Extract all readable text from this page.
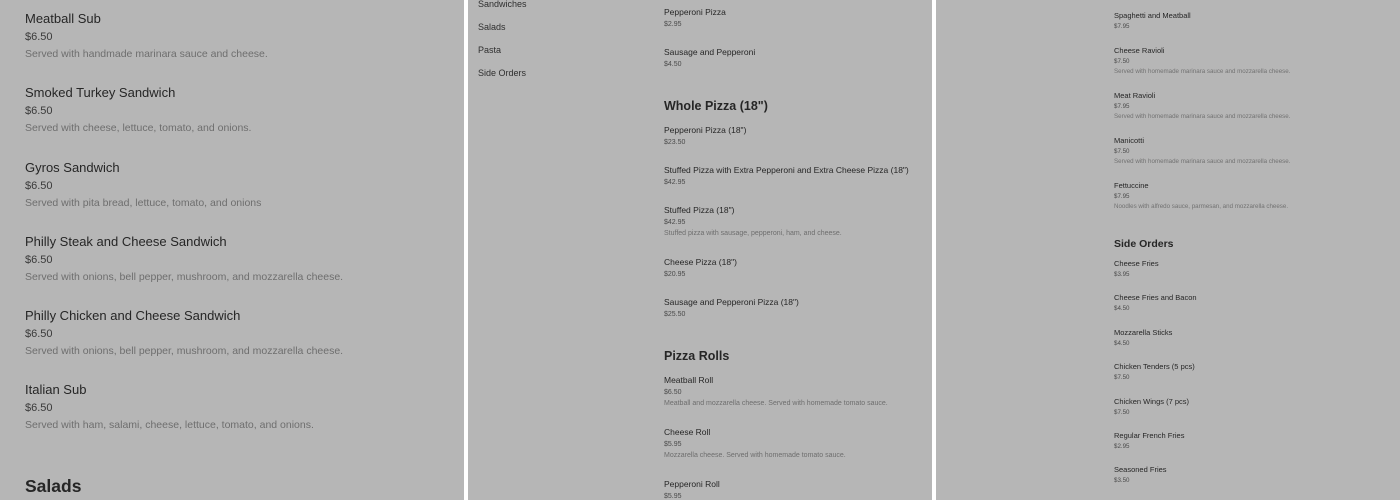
Meatball Sub
$6.50
Served with handmade marinara sauce and cheese.
Smoked Turkey Sandwich
$6.50
Served with cheese, lettuce, tomato, and onions.
Gyros Sandwich
$6.50
Served with pita bread, lettuce, tomato, and onions
Philly Steak and Cheese Sandwich
$6.50
Served with onions, bell pepper, mushroom, and mozzarella cheese.
Philly Chicken and Cheese Sandwich
$6.50
Served with onions, bell pepper, mushroom, and mozzarella cheese.
Italian Sub
$6.50
Served with ham, salami, cheese, lettuce, tomato, and onions.
Salads
Sandwiches
Salads
Pasta
Side Orders
Pepperoni Pizza
$2.95
Sausage and Pepperoni
$4.50
Whole Pizza (18")
Pepperoni Pizza (18")
$23.50
Stuffed Pizza with Extra Pepperoni and Extra Cheese Pizza (18")
$42.95
Stuffed Pizza (18")
$42.95
Stuffed pizza with sausage, pepperoni, ham, and cheese.
Cheese Pizza (18")
$20.95
Sausage and Pepperoni Pizza (18")
$25.50
Pizza Rolls
Meatball Roll
$6.50
Meatball and mozzarella cheese. Served with homemade tomato sauce.
Cheese Roll
$5.95
Mozzarella cheese. Served with homemade tomato sauce.
Pepperoni Roll
$5.95
Spaghetti and Meatball
$7.95
Cheese Ravioli
$7.50
Served with homemade marinara sauce and mozzarella cheese.
Meat Ravioli
$7.95
Served with homemade marinara sauce and mozzarella cheese.
Manicotti
$7.50
Served with homemade marinara sauce and mozzarella cheese.
Fettuccine
$7.95
Noodles with alfredo sauce, parmesan, and mozzarella cheese.
Side Orders
Cheese Fries
$3.95
Cheese Fries and Bacon
$4.50
Mozzarella Sticks
$4.50
Chicken Tenders (5 pcs)
$7.50
Chicken Wings (7 pcs)
$7.50
Regular French Fries
$2.95
Seasoned Fries
$3.50
